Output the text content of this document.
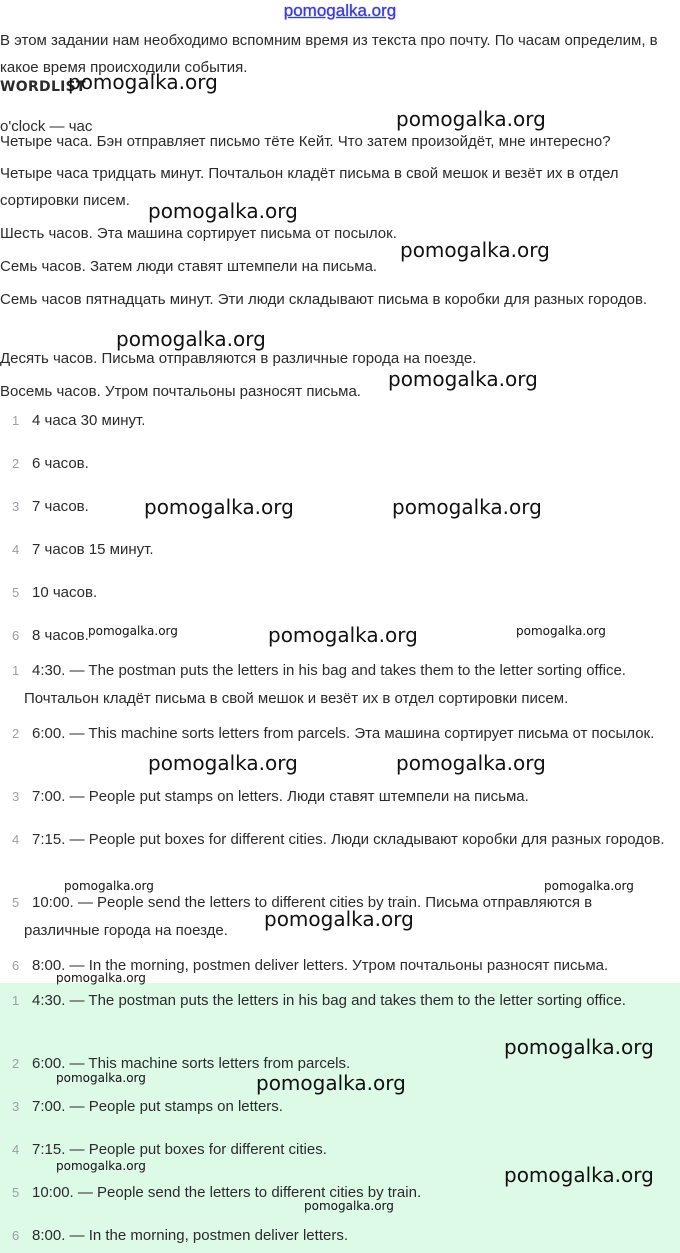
pomogalka.org

В этом задании нам необходимо вспомним время из текста про почту. По часам определим, в какое время происходили события.

WORDLIST
o'clock — час

Четыре часа. Бэн отправляет письмо тёте Кейт. Что затем произойдёт, мне интересно?

Четыре часа тридцать минут. Почтальон кладёт письма в свой мешок и везёт их в отдел сортировки писем.

Шесть часов. Эта машина сортирует письма от посылок.

Семь часов. Затем люди ставят штемпели на письма.

Семь часов пятнадцать минут. Эти люди складывают письма в коробки для разных городов.

Десять часов. Письма отправляются в различные города на поезде.

Восемь часов. Утром почтальоны разносят письма.

1 4 часа 30 минут.
2 6 часов.
3 7 часов.
4 7 часов 15 минут.
5 10 часов.
6 8 часов.
1 4:30. — The postman puts the letters in his bag and takes them to the letter sorting office. Почтальон кладёт письма в свой мешок и везёт их в отдел сортировки писем.
2 6:00. — This machine sorts letters from parcels. Эта машина сортирует письма от посылок.
3 7:00. — People put stamps on letters. Люди ставят штемпели на письма.
4 7:15. — People put boxes for different cities. Люди складывают коробки для разных городов.
5 10:00. — People send the letters to different cities by train. Письма отправляются в различные города на поезде.
6 8:00. — In the morning, postmen deliver letters. Утром почтальоны разносят письма.
1 4:30. — The postman puts the letters in his bag and takes them to the letter sorting office.
2 6:00. — This machine sorts letters from parcels.
3 7:00. — People put stamps on letters.
4 7:15. — People put boxes for different cities.
5 10:00. — People send the letters to different cities by train.
6 8:00. — In the morning, postmen deliver letters.
pomogalka.org
pomogalka.org
pomogalka.org
pomogalka.org
pomogalka.org
pomogalka.org
pomogalka.org	pomogalka.org
pomogalka.org	pomogalka.org	pomogalka.org
pomogalka.org	pomogalka.org
pomogalka.org	pomogalka.org
pomogalka.org
pomogalka.org
pomogalka.org
pomogalka.org	pomogalka.org
pomogalka.org	pomogalka.org
pomogalka.org
